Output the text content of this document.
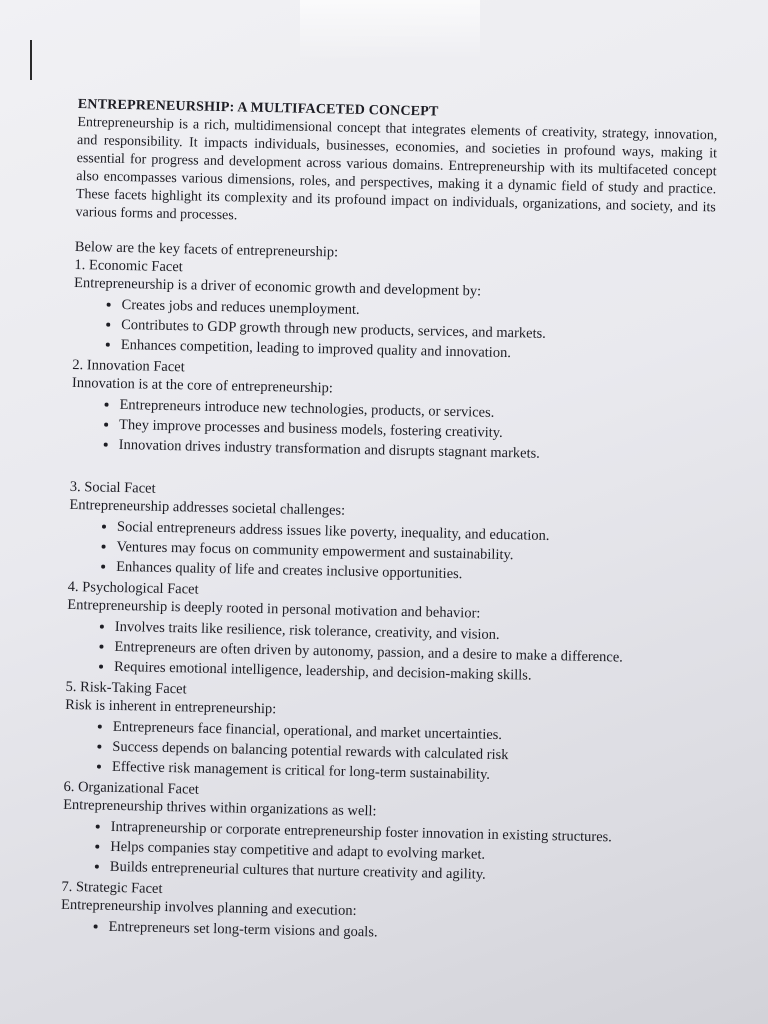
ENTREPRENEURSHIP: A MULTIFACETED CONCEPT

Entrepreneurship is a rich, multidimensional concept that integrates elements of creativity, strategy, innovation, and responsibility. It impacts individuals, businesses, economies, and societies in profound ways, making it essential for progress and development across various domains. Entrepreneurship with its multifaceted concept also encompasses various dimensions, roles, and perspectives, making it a dynamic field of study and practice. These facets highlight its complexity and its profound impact on individuals, organizations, and society, and its various forms and processes.

Below are the key facets of entrepreneurship:

1. Economic Facet

Entrepreneurship is a driver of economic growth and development by:

• Creates jobs and reduces unemployment.
• Contributes to GDP growth through new products, services, and markets.
• Enhances competition, leading to improved quality and innovation.
2. Innovation Facet

Innovation is at the core of entrepreneurship:

• Entrepreneurs introduce new technologies, products, or services.
• They improve processes and business models, fostering creativity.
• Innovation drives industry transformation and disrupts stagnant markets.
3. Social Facet

Entrepreneurship addresses societal challenges:

• Social entrepreneurs address issues like poverty, inequality, and education.
• Ventures may focus on community empowerment and sustainability.
• Enhances quality of life and creates inclusive opportunities.
4. Psychological Facet

Entrepreneurship is deeply rooted in personal motivation and behavior:

• Involves traits like resilience, risk tolerance, creativity, and vision.
• Entrepreneurs are often driven by autonomy, passion, and a desire to make a difference.
• Requires emotional intelligence, leadership, and decision-making skills.
5. Risk-Taking Facet

Risk is inherent in entrepreneurship:

• Entrepreneurs face financial, operational, and market uncertainties.
• Success depends on balancing potential rewards with calculated risk
• Effective risk management is critical for long-term sustainability.
6. Organizational Facet

Entrepreneurship thrives within organizations as well:

• Intrapreneurship or corporate entrepreneurship foster innovation in existing structures.
• Helps companies stay competitive and adapt to evolving market.
• Builds entrepreneurial cultures that nurture creativity and agility.
7. Strategic Facet

Entrepreneurship involves planning and execution:

• Entrepreneurs set long-term visions and goals.
